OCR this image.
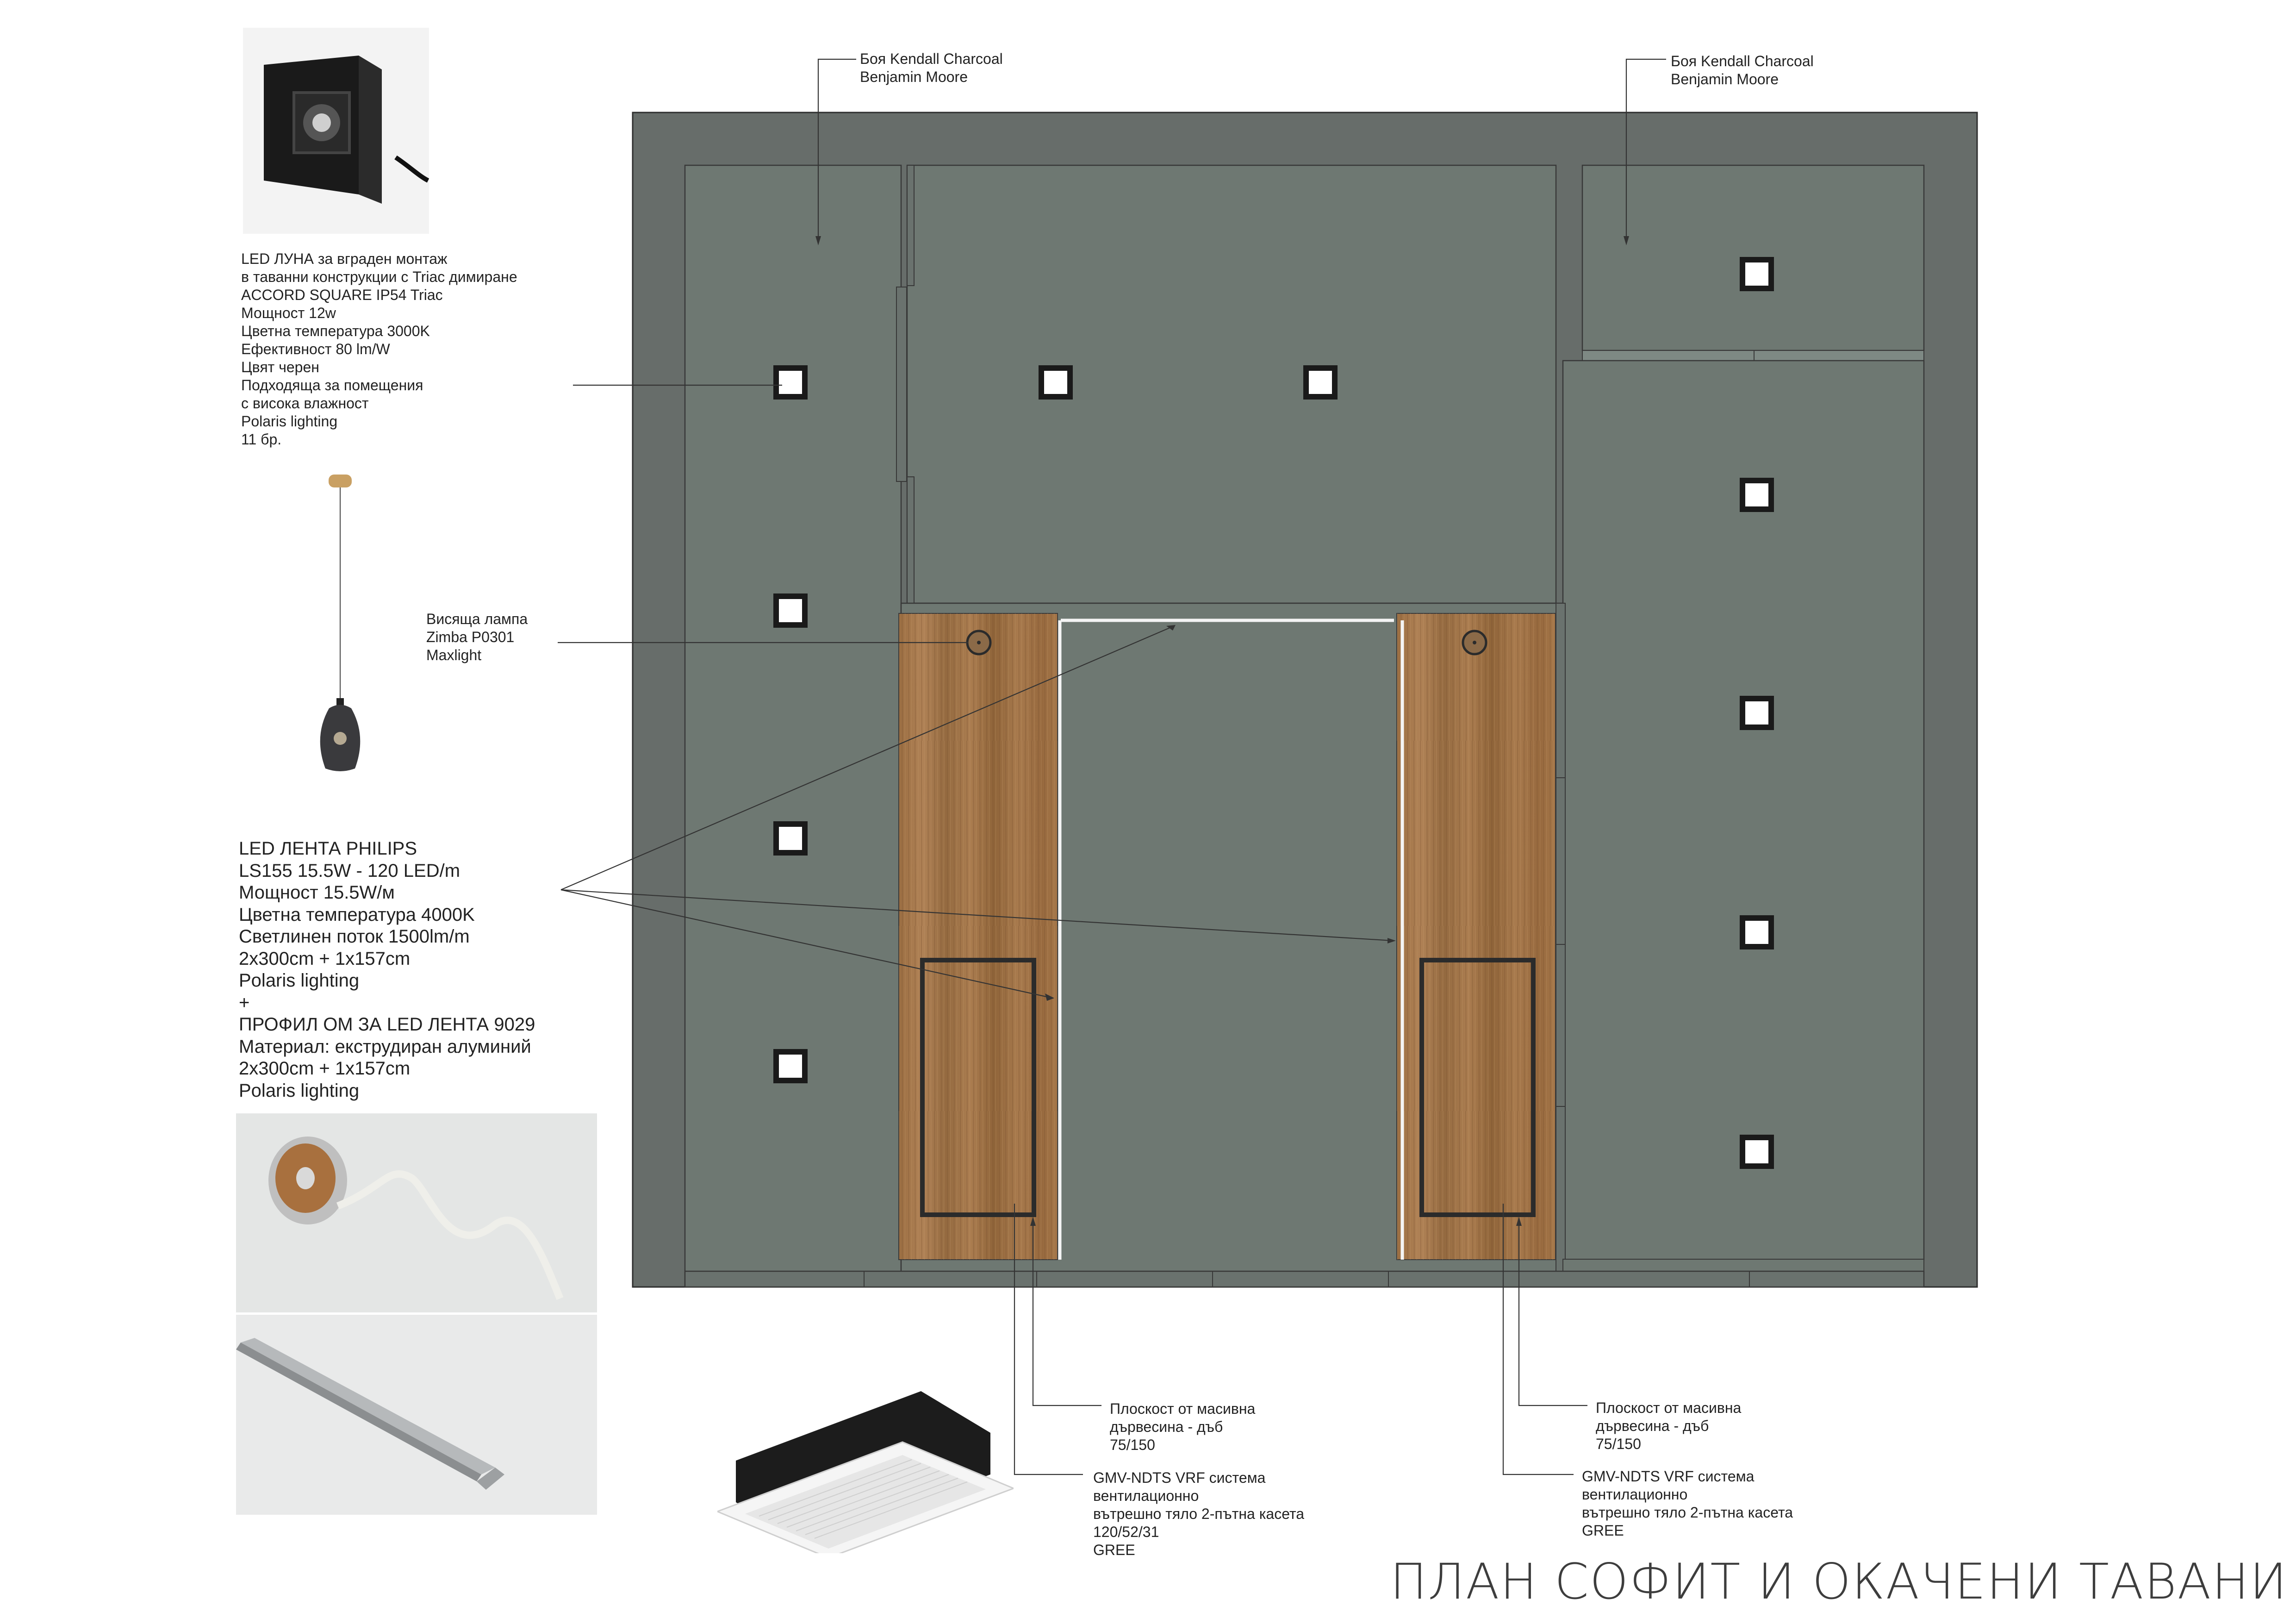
Боя Kendall Charcoal
Benjamin Moore
Боя Kendall Charcoal
Benjamin Moore
LED ЛУНА за вграден монтаж
в таванни конструкции с Triac димиране
ACCORD SQUARE IP54 Triac
Мощност 12w
Цветна температура 3000K
Ефективност 80 lm/W
Цвят черен
Подходяща за помещения
с висока влажност
Polaris lighting
11 бр.
Висяща лампа
Zimba P0301
Maxlight
LED ЛЕНТА PHILIPS
LS155 15.5W - 120 LED/m
Мощност 15.5W/м
Цветна температура 4000K
Светлинен поток 1500lm/m
2x300cm + 1x157cm
Polaris lighting
+
ПРОФИЛ OM ЗА LED ЛЕНТА 9029
Материал: екструдиран алуминий
2x300cm + 1x157cm
Polaris lighting
Плоскост от масивна
дървесина - дъб
75/150
Плоскост от масивна
дървесина - дъб
75/150
GMV-NDTS VRF система
вентилационно
вътрешно тяло 2-пътна касета
120/52/31
GREE
GMV-NDTS VRF система
вентилационно
вътрешно тяло 2-пътна касета
GREE
ПЛАН СОФИТ И ОКАЧЕНИ ТАВАНИ
